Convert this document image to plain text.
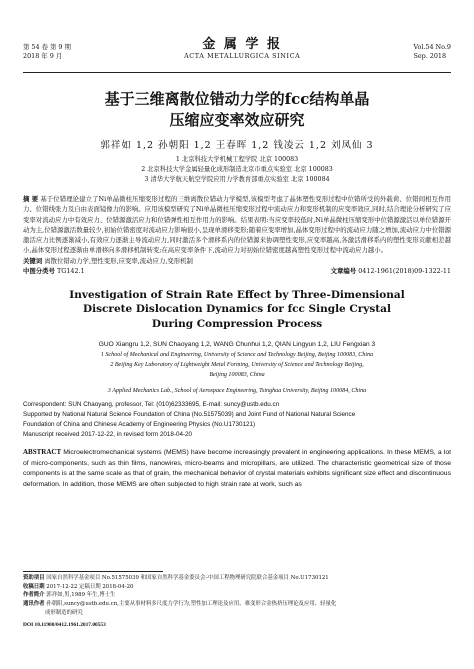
第 54 卷 第 9 期
2018 年 9 月
金 属 学 报
ACTA METALLURGICA SINICA
Vol.54 No.9
Sep. 2018
基于三维离散位错动力学的fcc结构单晶
压缩应变率效应研究
郭祥如 1,2 孙朝阳 1,2 王春晖 1,2 钱凌云 1,2 刘凤仙 3
1 北京科技大学机械工程学院 北京 100083
2 北京科技大学金属轻量化成形制造北京市重点实验室 北京 100083
3 清华大学航天航空学院应用力学教育部重点实验室 北京 100084
摘 要 基于位错理论建立了Ni单晶微柱压缩变形过程的三维离散位错动力学模型,该模型考虑了晶体塑性变形过程中位错所受的外载荷、位错间相互作用力、位错线张力及自由表面镜像力的影响。应用该模型研究了Ni单晶微柱压缩变形过程中流动应力和变形机制的应变率效应,同时,结合理论分析研究了应变率对流动应力中有效应力、位错源激活应力和位错弹性相互作用力的影响。结果表明:当应变率较低时,Ni单晶微柱压缩变形中位错源激活以单位错源开动为主,位错源激活数量较少,初始位错密度对流动应力影响很小,呈现单滑移变形;随着应变率增加,晶体变形过程中的流动应力随之增加,流动应力中位错源激活应力比例逐渐减小,有效应力逐渐主导流动应力,同时激活多个滑移系内的位错源来协调塑性变形,应变率越高,各激活滑移系内的塑性变形贡献相差越小,晶体变形过程逐渐由单滑移向多滑移机制转变;在高应变率条件下,流动应力对初始位错密度越高塑性变形过程中流动应力越小。
关键词 离散位错动力学,塑性变形,应变率,流动应力,变形机制
中图分类号 TG142.1	文章编号 0412-1961(2018)09-1322-11
Investigation of Strain Rate Effect by Three-Dimensional
Discrete Dislocation Dynamics for fcc Single Crystal
During Compression Process
GUO Xiangru 1,2, SUN Chaoyang 1,2, WANG Chunhui 1,2, QIAN Lingyun 1,2, LIU Fengxian 3
1 School of Mechanical and Engineering, University of Science and Technology Beijing, Beijing 100083, China
2 Beijing Key Laboratory of Lightweight Metal Forming, University of Science and Technology Beijing,
Beijing 100083, China
3 Applied Mechanics Lab., School of Aerospace Engineering, Tsinghua University, Beijing 100084, China
Correspondent: SUN Chaoyang, professor, Tel: (010)62333695, E-mail: suncy@ustb.edu.cn
Supported by National Natural Science Foundation of China (No.51575039) and Joint Fund of National Natural Science
Foundation of China and Chinese Academy of Engineering Physics (No.U1730121)
Manuscript received 2017-12-22, in revised form 2018-04-20
ABSTRACT Microelectromechanical systems (MEMS) have become increasingly prevalent in engineering applications. In these MEMS, a lot of micro-components, such as thin films, nanowires, micro-beams and micropillars, are utilized. The characteristic geometrical size of those components is at the same scale as that of grain, the mechanical behavior of crystal materials exhibits significant size effect and discontinuous deformation. In addition, those MEMS are often subjected to high strain rate at work, such as
资助项目 国家自然科学基金项目 No.51575039 和国家自然科学基金委员会–中国工程物理研究院联合基金项目 No.U1730121
收稿日期 2017-12-22 定稿日期 2018-04-20
作者简介 郭祥如,男,1989 年生,博士生
通讯作者 孙朝阳,suncy@ustb.edu.cn,主要从事材料多尺度力学行为,塑性加工理论及应用、难变形合金热挤压理论及应用、轻量化
成形制造的研究
DOI 10.11900/0412.1961.2017.00553
